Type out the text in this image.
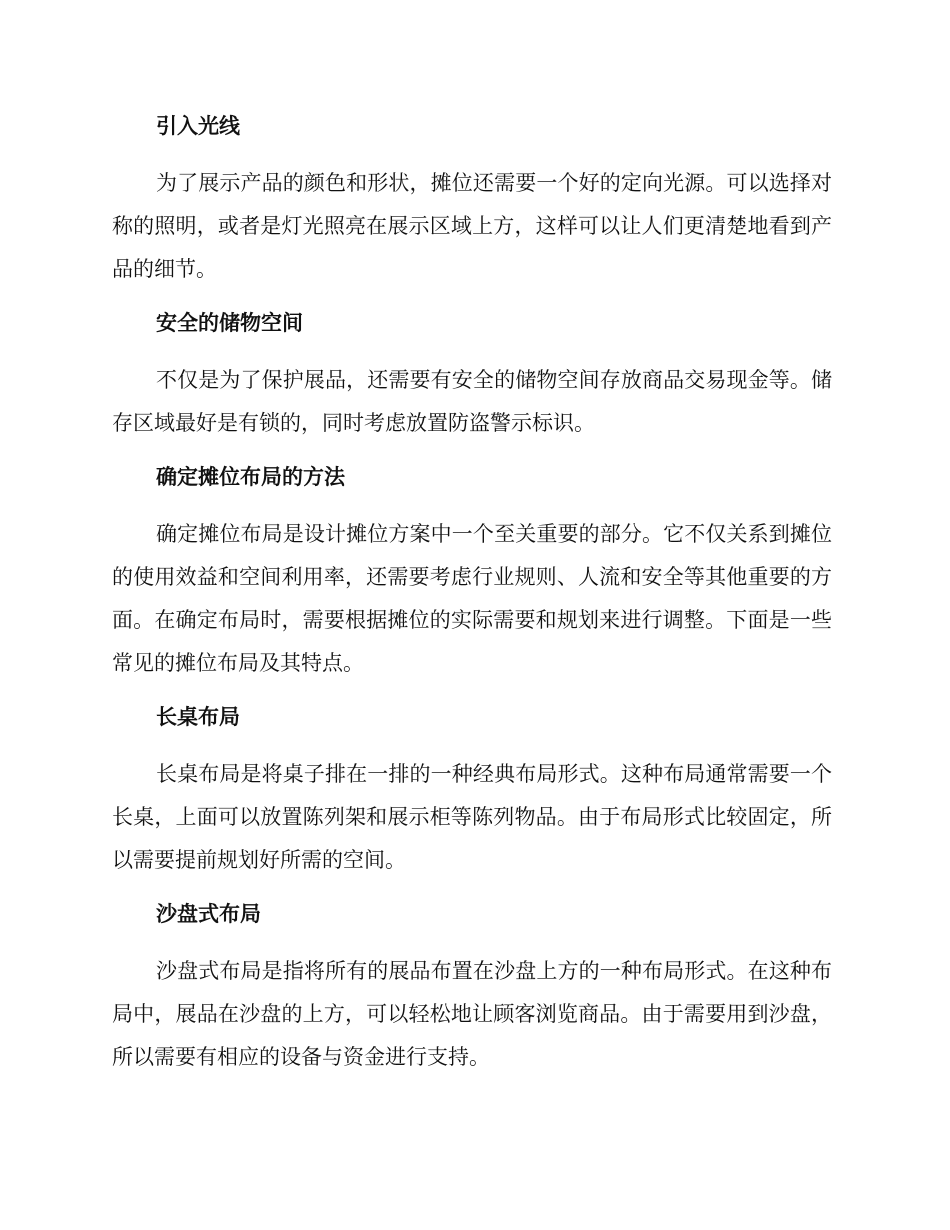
引入光线

为了展示产品的颜色和形状，摊位还需要一个好的定向光源。可以选择对称的照明，或者是灯光照亮在展示区域上方，这样可以让人们更清楚地看到产品的细节。

安全的储物空间

不仅是为了保护展品，还需要有安全的储物空间存放商品交易现金等。储存区域最好是有锁的，同时考虑放置防盗警示标识。

确定摊位布局的方法

确定摊位布局是设计摊位方案中一个至关重要的部分。它不仅关系到摊位的使用效益和空间利用率，还需要考虑行业规则、人流和安全等其他重要的方面。在确定布局时，需要根据摊位的实际需要和规划来进行调整。下面是一些常见的摊位布局及其特点。

长桌布局

长桌布局是将桌子排在一排的一种经典布局形式。这种布局通常需要一个长桌，上面可以放置陈列架和展示柜等陈列物品。由于布局形式比较固定，所以需要提前规划好所需的空间。

沙盘式布局

沙盘式布局是指将所有的展品布置在沙盘上方的一种布局形式。在这种布局中，展品在沙盘的上方，可以轻松地让顾客浏览商品。由于需要用到沙盘，所以需要有相应的设备与资金进行支持。
